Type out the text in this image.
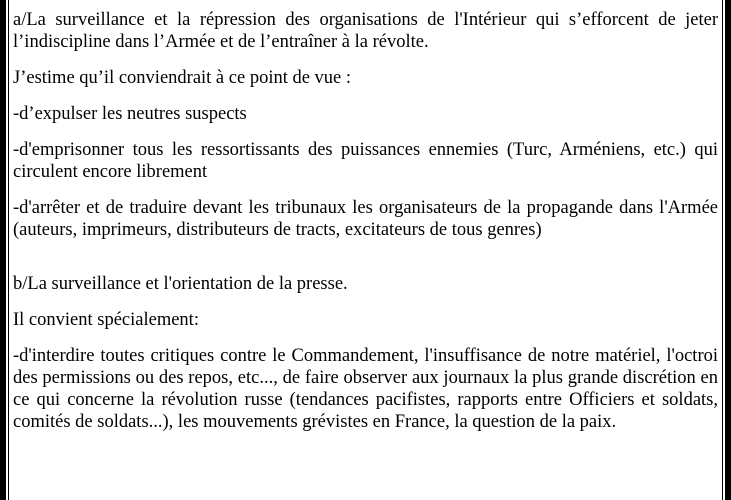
a/La surveillance et la répression des organisations de l'Intérieur qui s’efforcent de jeter l’indiscipline dans l’Armée et de l’entraîner à la révolte.

J’estime qu’il conviendrait à ce point de vue :

-d’expulser les neutres suspects

-d'emprisonner tous les ressortissants des puissances ennemies (Turc, Arméniens, etc.) qui circulent encore librement

-d'arrêter et de traduire devant les tribunaux les organisateurs de la propagande dans l'Armée (auteurs, imprimeurs, distributeurs de tracts, excitateurs de tous genres)

b/La surveillance et l'orientation de la presse.

Il convient spécialement:

-d'interdire toutes critiques contre le Commandement, l'insuffisance de notre matériel, l'octroi des permissions ou des repos, etc..., de faire observer aux journaux la plus grande discrétion en ce qui concerne la révolution russe (tendances pacifistes, rapports entre Officiers et soldats, comités de soldats...), les mouvements grévistes en France, la question de la paix.
